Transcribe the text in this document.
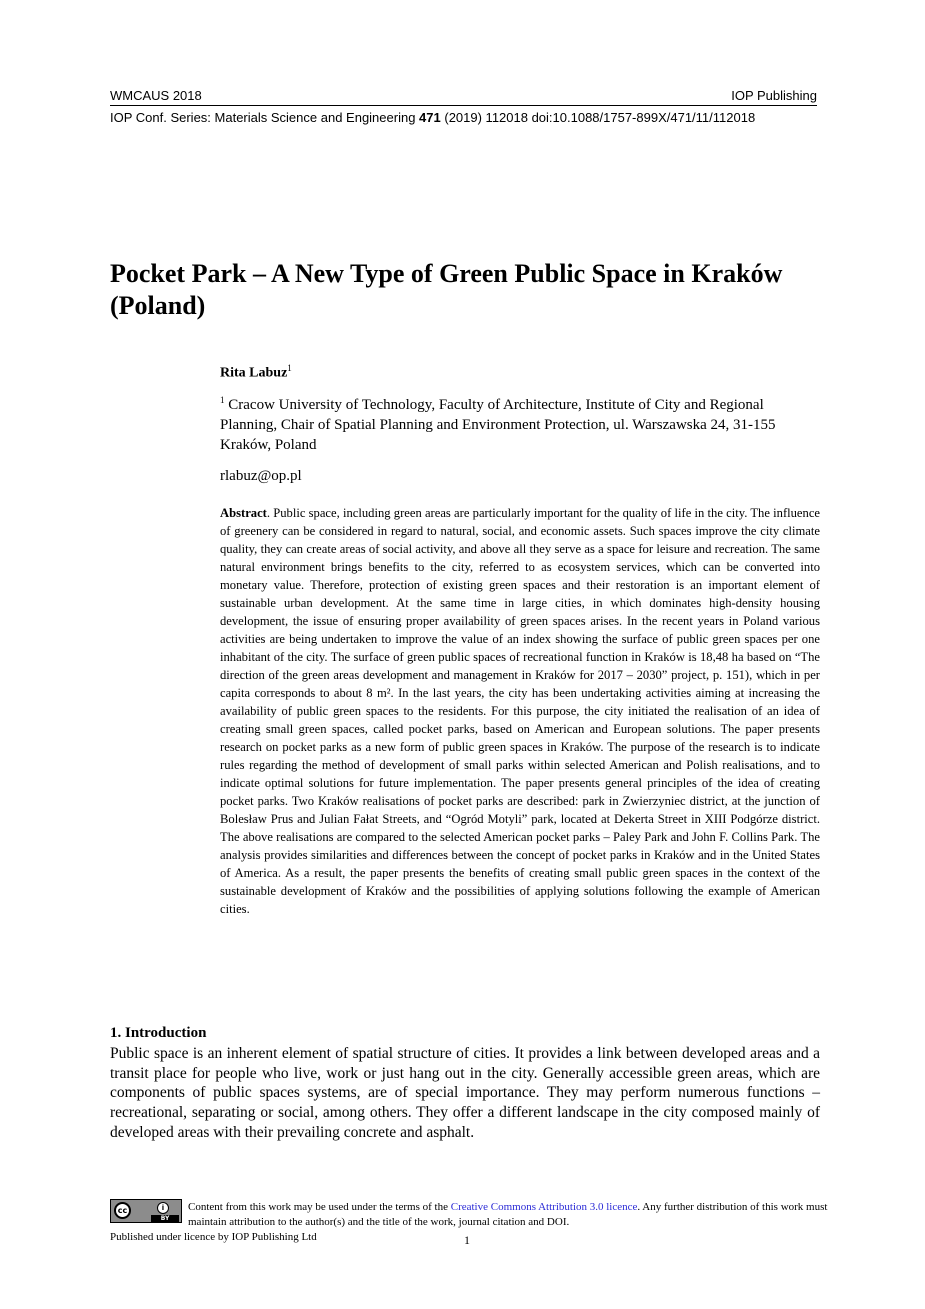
WMCAUS 2018	IOP Publishing
IOP Conf. Series: Materials Science and Engineering 471 (2019) 112018 doi:10.1088/1757-899X/471/11/112018
Pocket Park – A New Type of Green Public Space in Kraków (Poland)
Rita Labuz$^1$
$^1$ Cracow University of Technology, Faculty of Architecture, Institute of City and Regional Planning, Chair of Spatial Planning and Environment Protection, ul. Warszawska 24, 31-155 Kraków, Poland
rlabuz@op.pl
Abstract. Public space, including green areas are particularly important for the quality of life in the city. The influence of greenery can be considered in regard to natural, social, and economic assets. Such spaces improve the city climate quality, they can create areas of social activity, and above all they serve as a space for leisure and recreation. The same natural environment brings benefits to the city, referred to as ecosystem services, which can be converted into monetary value. Therefore, protection of existing green spaces and their restoration is an important element of sustainable urban development. At the same time in large cities, in which dominates high-density housing development, the issue of ensuring proper availability of green spaces arises. In the recent years in Poland various activities are being undertaken to improve the value of an index showing the surface of public green spaces per one inhabitant of the city. The surface of green public spaces of recreational function in Kraków is 18,48 ha based on “The direction of the green areas development and management in Kraków for 2017 – 2030” project, p. 151), which in per capita corresponds to about 8 m². In the last years, the city has been undertaking activities aiming at increasing the availability of public green spaces to the residents. For this purpose, the city initiated the realisation of an idea of creating small green spaces, called pocket parks, based on American and European solutions. The paper presents research on pocket parks as a new form of public green spaces in Kraków. The purpose of the research is to indicate rules regarding the method of development of small parks within selected American and Polish realisations, and to indicate optimal solutions for future implementation. The paper presents general principles of the idea of creating pocket parks. Two Kraków realisations of pocket parks are described: park in Zwierzyniec district, at the junction of Bolesław Prus and Julian Fałat Streets, and “Ogród Motyli” park, located at Dekerta Street in XIII Podgórze district. The above realisations are compared to the selected American pocket parks – Paley Park and John F. Collins Park. The analysis provides similarities and differences between the concept of pocket parks in Kraków and in the United States of America. As a result, the paper presents the benefits of creating small public green spaces in the context of the sustainable development of Kraków and the possibilities of applying solutions following the example of American cities.
1. Introduction
Public space is an inherent element of spatial structure of cities. It provides a link between developed areas and a transit place for people who live, work or just hang out in the city. Generally accessible green areas, which are components of public spaces systems, are of special importance. They may perform numerous functions – recreational, separating or social, among others. They offer a different landscape in the city composed mainly of developed areas with their prevailing concrete and asphalt.
cc	i
BY
Content from this work may be used under the terms of the Creative Commons Attribution 3.0 licence. Any further distribution of this work must maintain attribution to the author(s) and the title of the work, journal citation and DOI.
Published under licence by IOP Publishing Ltd	1
